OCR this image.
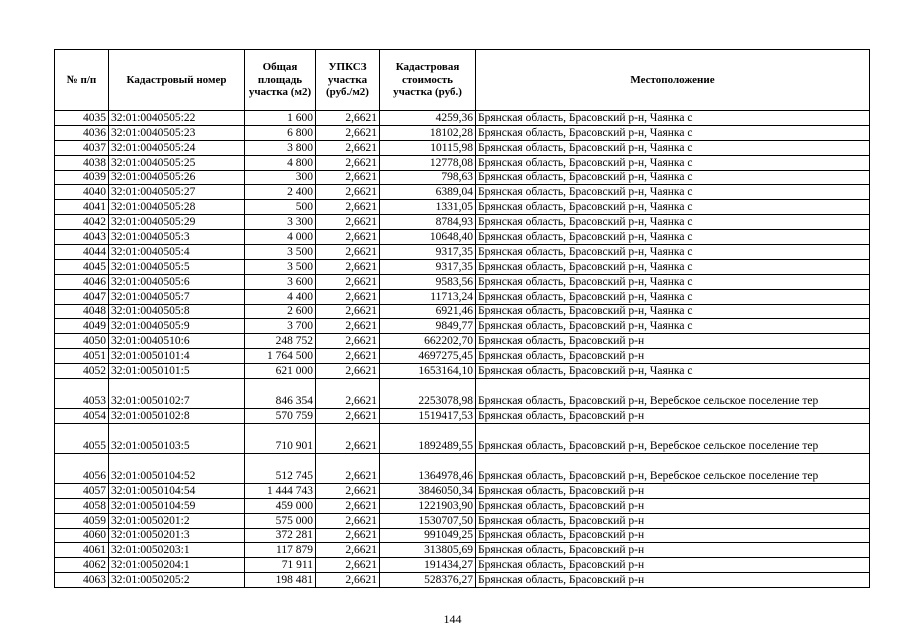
№ п/п	Кадастровый номер	Общая площадь участка (м2)	УПКСЗ участка (руб./м2)	Кадастровая стоимость участка (руб.)	Местоположение
4035	32:01:0040505:22	1 600	2,6621	4259,36	Брянская область, Брасовский р-н, Чаянка с
4036	32:01:0040505:23	6 800	2,6621	18102,28	Брянская область, Брасовский р-н, Чаянка с
4037	32:01:0040505:24	3 800	2,6621	10115,98	Брянская область, Брасовский р-н, Чаянка с
4038	32:01:0040505:25	4 800	2,6621	12778,08	Брянская область, Брасовский р-н, Чаянка с
4039	32:01:0040505:26	300	2,6621	798,63	Брянская область, Брасовский р-н, Чаянка с
4040	32:01:0040505:27	2 400	2,6621	6389,04	Брянская область, Брасовский р-н, Чаянка с
4041	32:01:0040505:28	500	2,6621	1331,05	Брянская область, Брасовский р-н, Чаянка с
4042	32:01:0040505:29	3 300	2,6621	8784,93	Брянская область, Брасовский р-н, Чаянка с
4043	32:01:0040505:3	4 000	2,6621	10648,40	Брянская область, Брасовский р-н, Чаянка с
4044	32:01:0040505:4	3 500	2,6621	9317,35	Брянская область, Брасовский р-н, Чаянка с
4045	32:01:0040505:5	3 500	2,6621	9317,35	Брянская область, Брасовский р-н, Чаянка с
4046	32:01:0040505:6	3 600	2,6621	9583,56	Брянская область, Брасовский р-н, Чаянка с
4047	32:01:0040505:7	4 400	2,6621	11713,24	Брянская область, Брасовский р-н, Чаянка с
4048	32:01:0040505:8	2 600	2,6621	6921,46	Брянская область, Брасовский р-н, Чаянка с
4049	32:01:0040505:9	3 700	2,6621	9849,77	Брянская область, Брасовский р-н, Чаянка с
4050	32:01:0040510:6	248 752	2,6621	662202,70	Брянская область, Брасовский р-н
4051	32:01:0050101:4	1 764 500	2,6621	4697275,45	Брянская область, Брасовский р-н
4052	32:01:0050101:5	621 000	2,6621	1653164,10	Брянская область, Брасовский р-н, Чаянка с
4053	32:01:0050102:7	846 354	2,6621	2253078,98	Брянская область, Брасовский р-н, Веребское сельское поселение тер
4054	32:01:0050102:8	570 759	2,6621	1519417,53	Брянская область, Брасовский р-н
4055	32:01:0050103:5	710 901	2,6621	1892489,55	Брянская область, Брасовский р-н, Веребское сельское поселение тер
4056	32:01:0050104:52	512 745	2,6621	1364978,46	Брянская область, Брасовский р-н, Веребское сельское поселение тер
4057	32:01:0050104:54	1 444 743	2,6621	3846050,34	Брянская область, Брасовский р-н
4058	32:01:0050104:59	459 000	2,6621	1221903,90	Брянская область, Брасовский р-н
4059	32:01:0050201:2	575 000	2,6621	1530707,50	Брянская область, Брасовский р-н
4060	32:01:0050201:3	372 281	2,6621	991049,25	Брянская область, Брасовский р-н
4061	32:01:0050203:1	117 879	2,6621	313805,69	Брянская область, Брасовский р-н
4062	32:01:0050204:1	71 911	2,6621	191434,27	Брянская область, Брасовский р-н
4063	32:01:0050205:2	198 481	2,6621	528376,27	Брянская область, Брасовский р-н
144
